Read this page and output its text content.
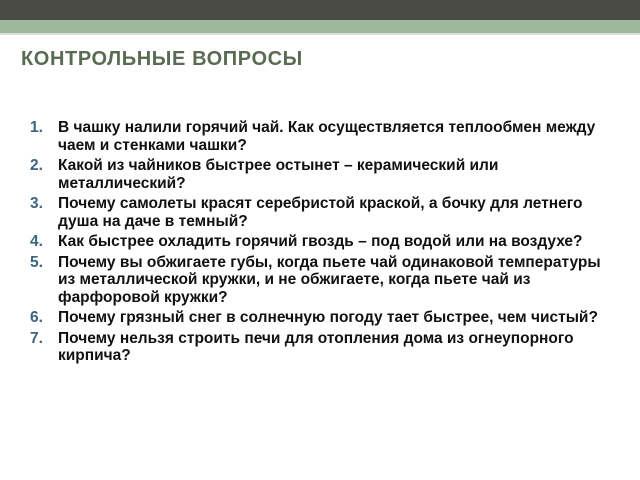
КОНТРОЛЬНЫЕ ВОПРОСЫ
1. В чашку налили горячий чай. Как осуществляется теплообмен между чаем и стенками чашки?
2. Какой из чайников быстрее остынет – керамический или металлический?
3. Почему самолеты красят серебристой краской, а бочку для летнего душа на даче в темный?
4. Как быстрее охладить горячий гвоздь – под водой или на воздухе?
5. Почему вы обжигаете губы, когда пьете чай одинаковой температуры из металлической кружки, и не обжигаете, когда пьете чай из фарфоровой кружки?
6. Почему грязный снег в солнечную погоду тает быстрее, чем чистый?
7. Почему нельзя строить печи для отопления дома из огнеупорного кирпича?
